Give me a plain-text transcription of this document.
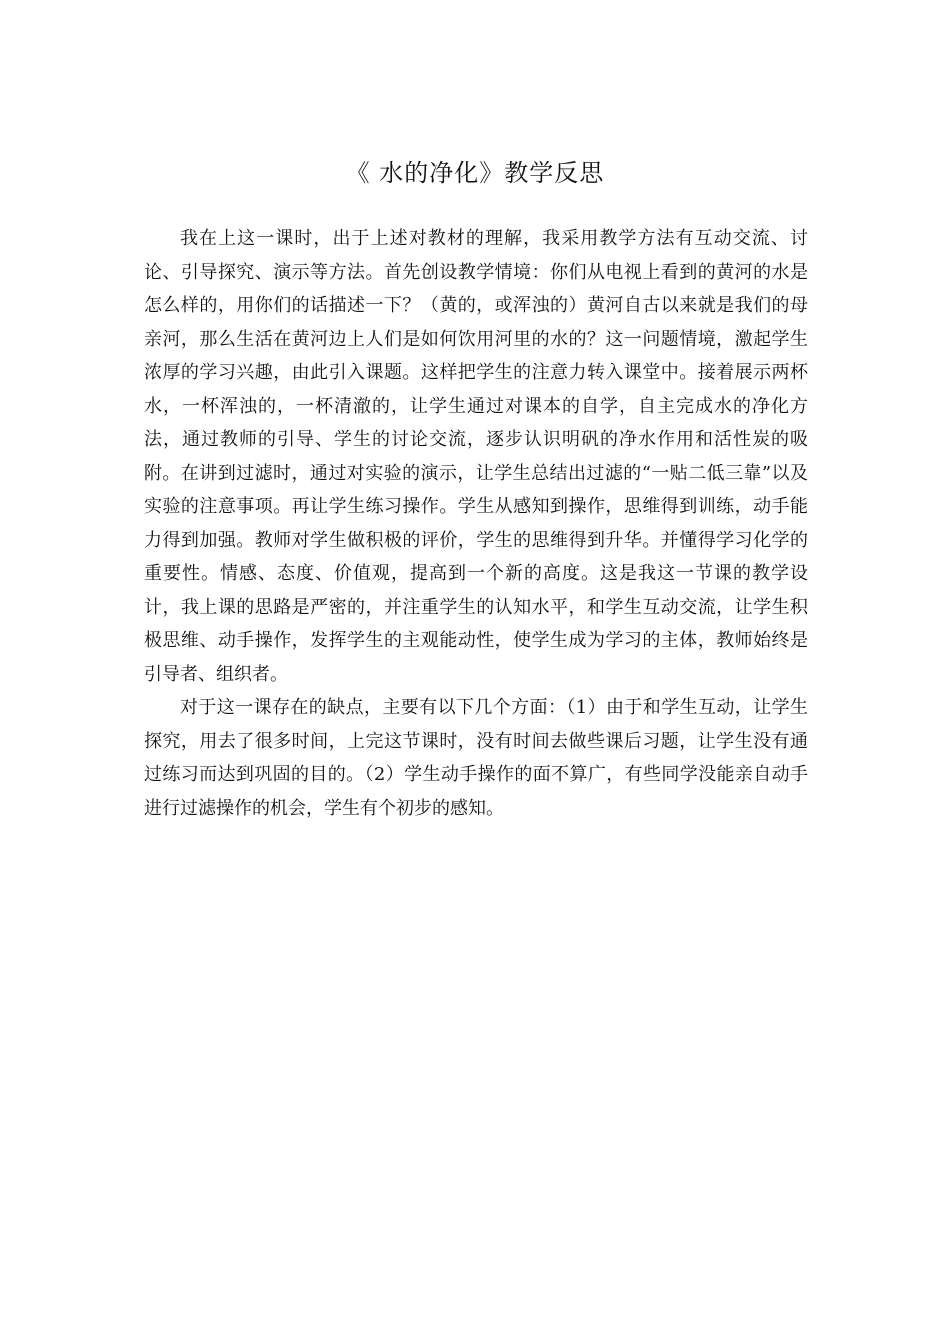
《 水的净化》教学反思

我在上这一课时，出于上述对教材的理解，我采用教学方法有互动交流、讨论、引导探究、演示等方法。首先创设教学情境：你们从电视上看到的黄河的水是怎么样的，用你们的话描述一下？（黄的，或浑浊的）黄河自古以来就是我们的母亲河，那么生活在黄河边上人们是如何饮用河里的水的？这一问题情境，激起学生浓厚的学习兴趣，由此引入课题。这样把学生的注意力转入课堂中。接着展示两杯水，一杯浑浊的，一杯清澈的，让学生通过对课本的自学，自主完成水的净化方法，通过教师的引导、学生的讨论交流，逐步认识明矾的净水作用和活性炭的吸附。在讲到过滤时，通过对实验的演示，让学生总结出过滤的“一贴二低三靠”以及实验的注意事项。再让学生练习操作。学生从感知到操作，思维得到训练，动手能力得到加强。教师对学生做积极的评价，学生的思维得到升华。并懂得学习化学的重要性。情感、态度、价值观，提高到一个新的高度。这是我这一节课的教学设计，我上课的思路是严密的，并注重学生的认知水平，和学生互动交流，让学生积极思维、动手操作，发挥学生的主观能动性，使学生成为学习的主体，教师始终是引导者、组织者。

对于这一课存在的缺点，主要有以下几个方面：（1）由于和学生互动，让学生探究，用去了很多时间，上完这节课时，没有时间去做些课后习题，让学生没有通过练习而达到巩固的目的。（2）学生动手操作的面不算广，有些同学没能亲自动手进行过滤操作的机会，学生有个初步的感知。
